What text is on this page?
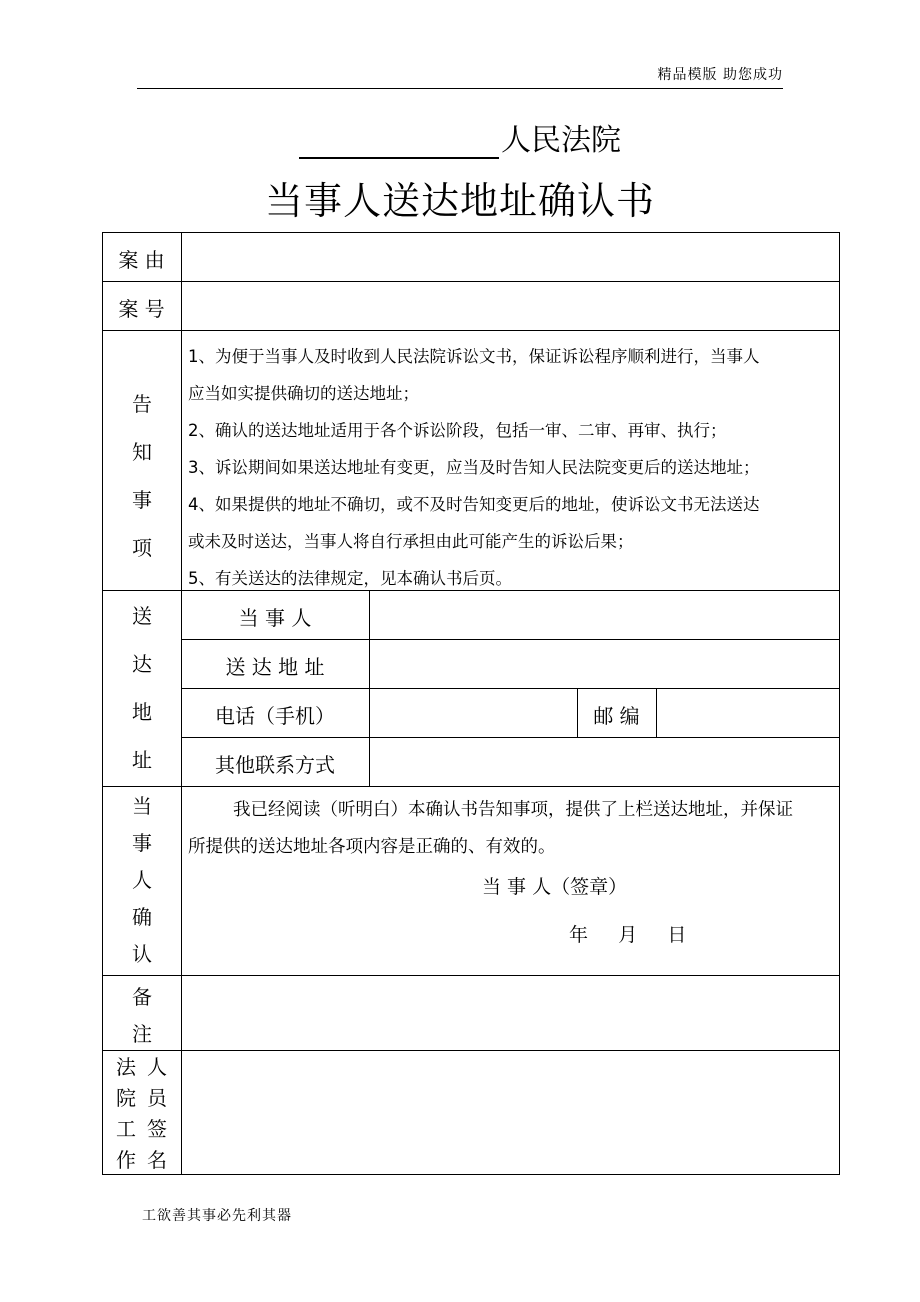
精品模版 助您成功
人民法院
当事人送达地址确认书
案 由
案 号
告
知
事
项

1、为便于当事人及时收到人民法院诉讼文书，保证诉讼程序顺利进行，当事人

应当如实提供确切的送达地址；

2、确认的送达地址适用于各个诉讼阶段，包括一审、二审、再审、执行；

3、诉讼期间如果送达地址有变更，应当及时告知人民法院变更后的送达地址；

4、如果提供的地址不确切，或不及时告知变更后的地址，使诉讼文书无法送达

或未及时送达，当事人将自行承担由此可能产生的诉讼后果；

5、有关送达的法律规定，见本确认书后页。

送
达
地
址
当 事 人
送 达 地 址
电话（手机）	邮 编
其他联系方式
当
事
人
确
认
我已经阅读（听明白）本确认书告知事项，提供了上栏送达地址，并保证
所提供的送达地址各项内容是正确的、有效的。
当 事 人（签章）
年     月     日
备
注
法
院
工
作
人
员
签
名
工欲善其事必先利其器
